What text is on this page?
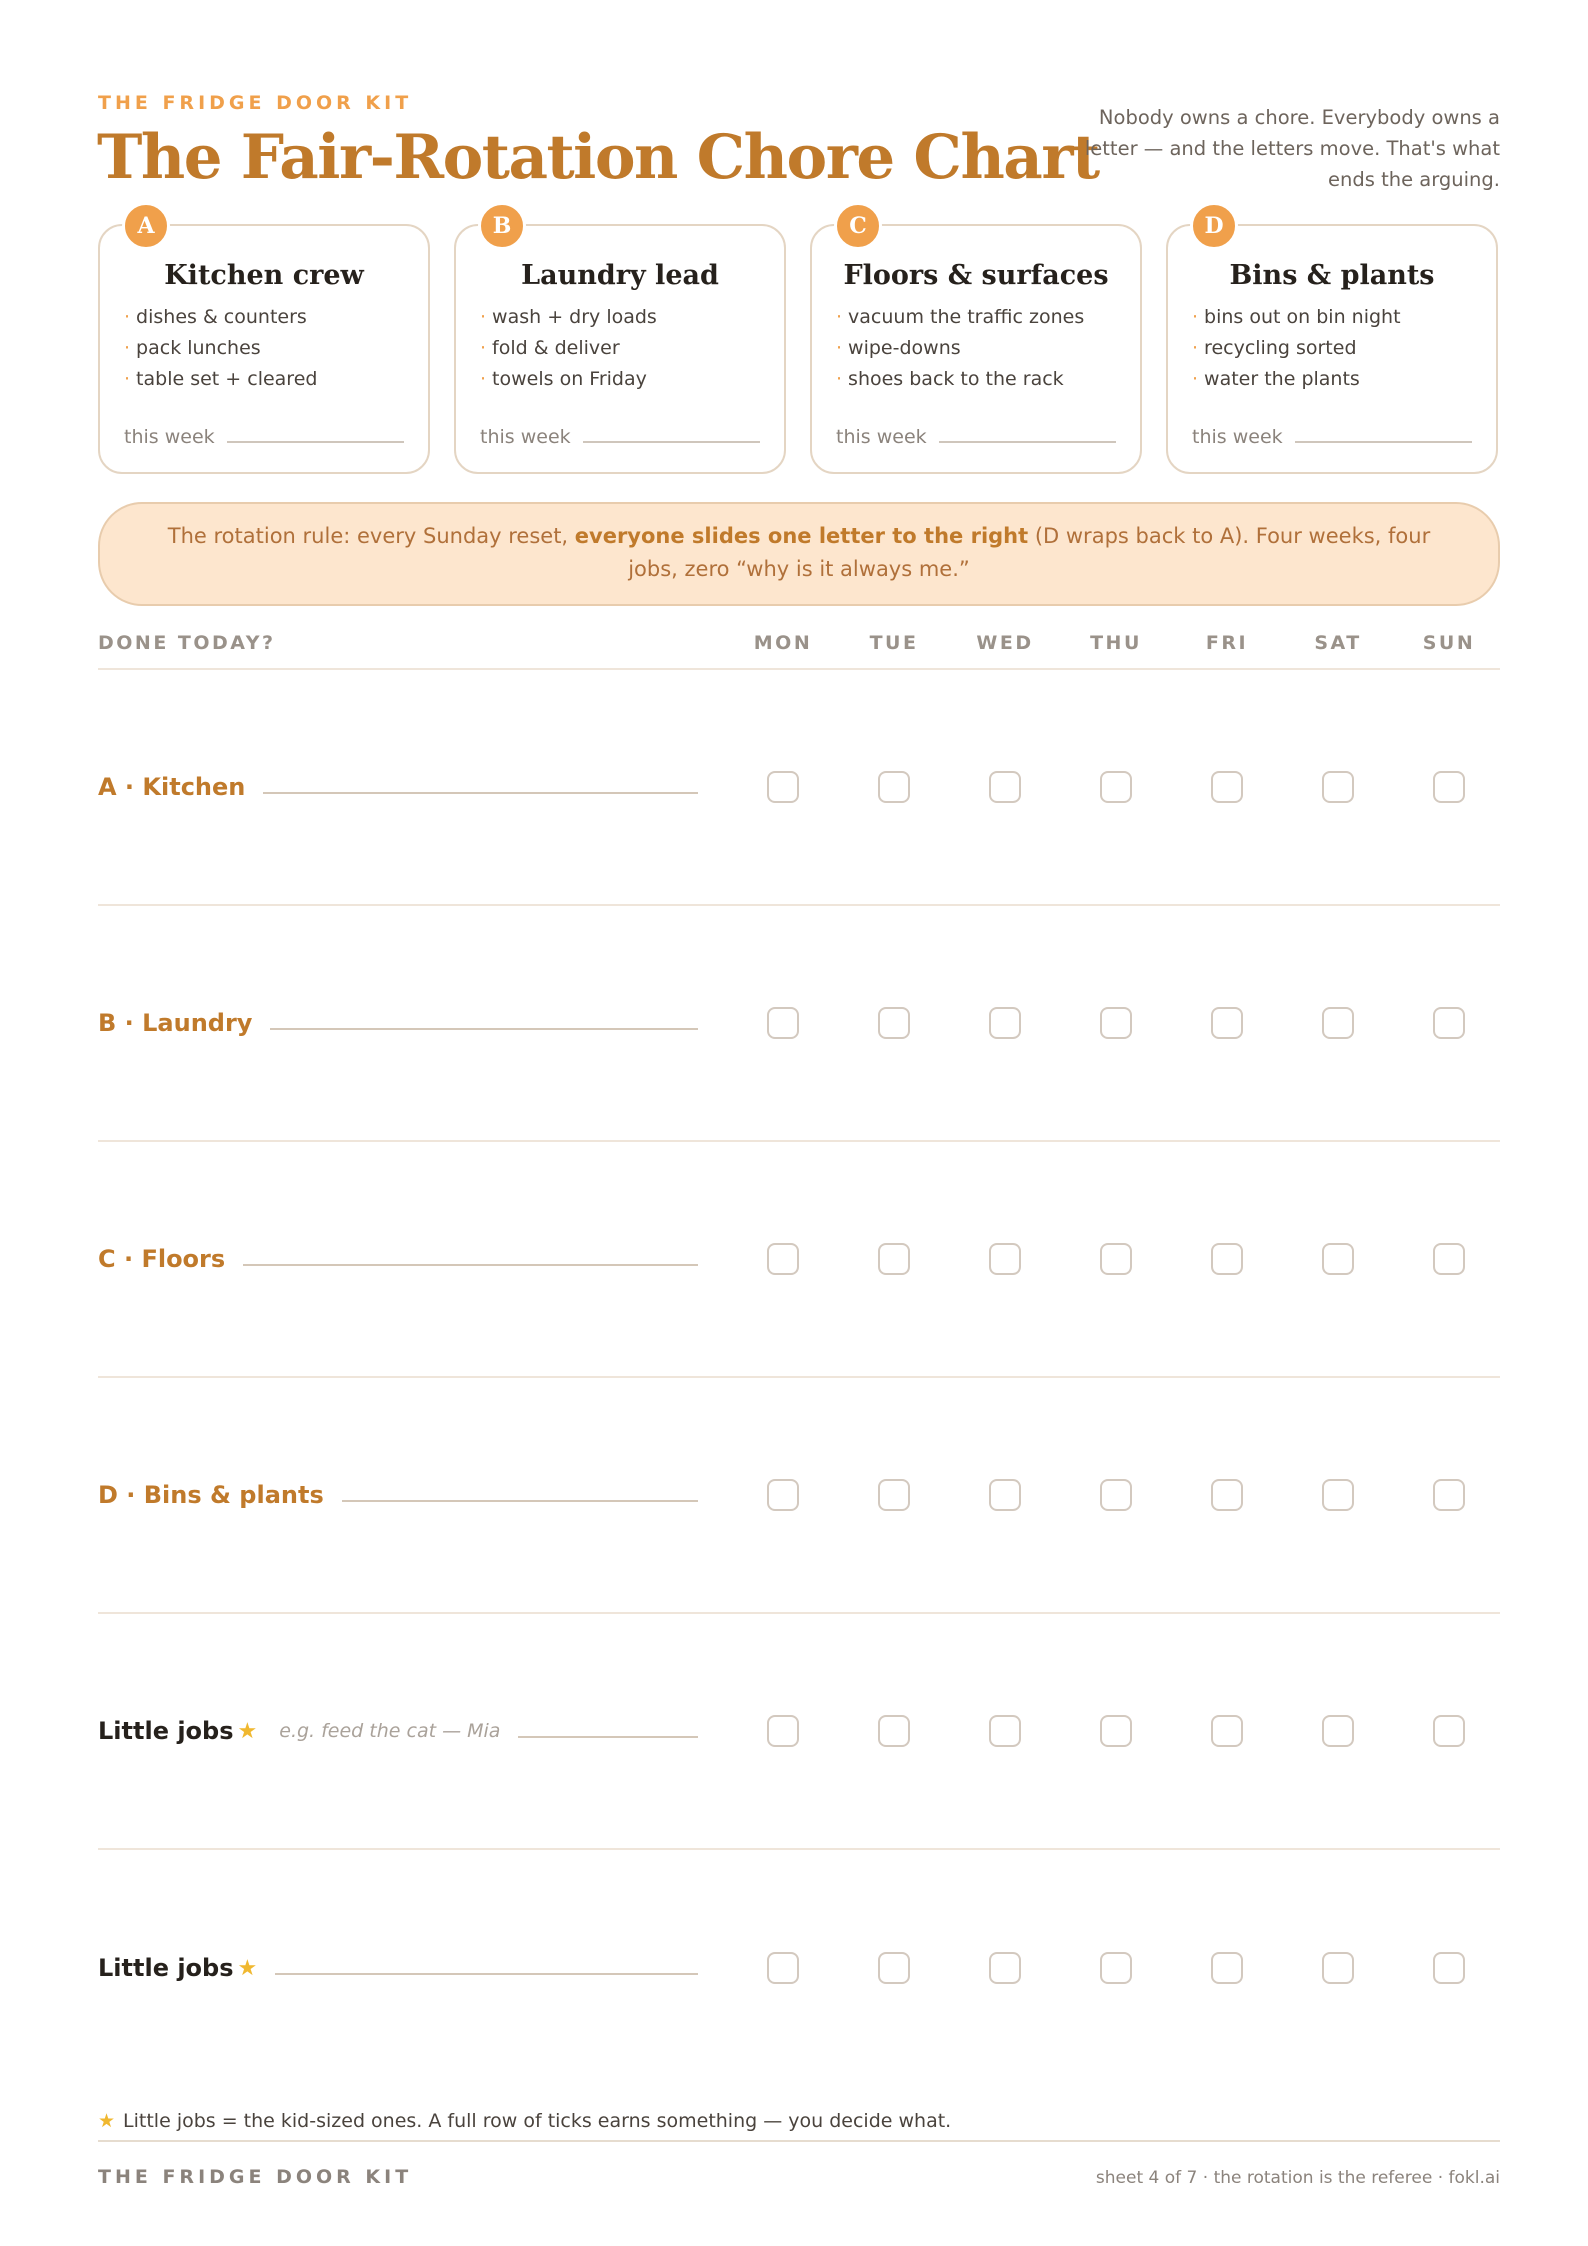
THE FRIDGE DOOR KIT
The Fair-Rotation Chore Chart

Nobody owns a chore. Everybody owns a letter — and the letters move. That's what ends the arguing.

A
Kitchen crew
· dishes & counters
· pack lunches
· table set + cleared
this week
B
Laundry lead
· wash + dry loads
· fold & deliver
· towels on Friday
this week
C
Floors & surfaces
· vacuum the traffic zones
· wipe-downs
· shoes back to the rack
this week
D
Bins & plants
· bins out on bin night
· recycling sorted
· water the plants
this week
The rotation rule: every Sunday reset, everyone slides one letter to the right (D wraps back to A). Four weeks, four jobs, zero “why is it always me.”
DONE TODAY?	MON	TUE	WED	THU	FRI	SAT	SUN
A · Kitchen
B · Laundry
C · Floors
D · Bins & plants
Little jobs ★ e.g. feed the cat — Mia
Little jobs ★
★ Little jobs = the kid-sized ones. A full row of ticks earns something — you decide what.
THE FRIDGE DOOR KIT	sheet 4 of 7 · the rotation is the referee · fokl.ai
